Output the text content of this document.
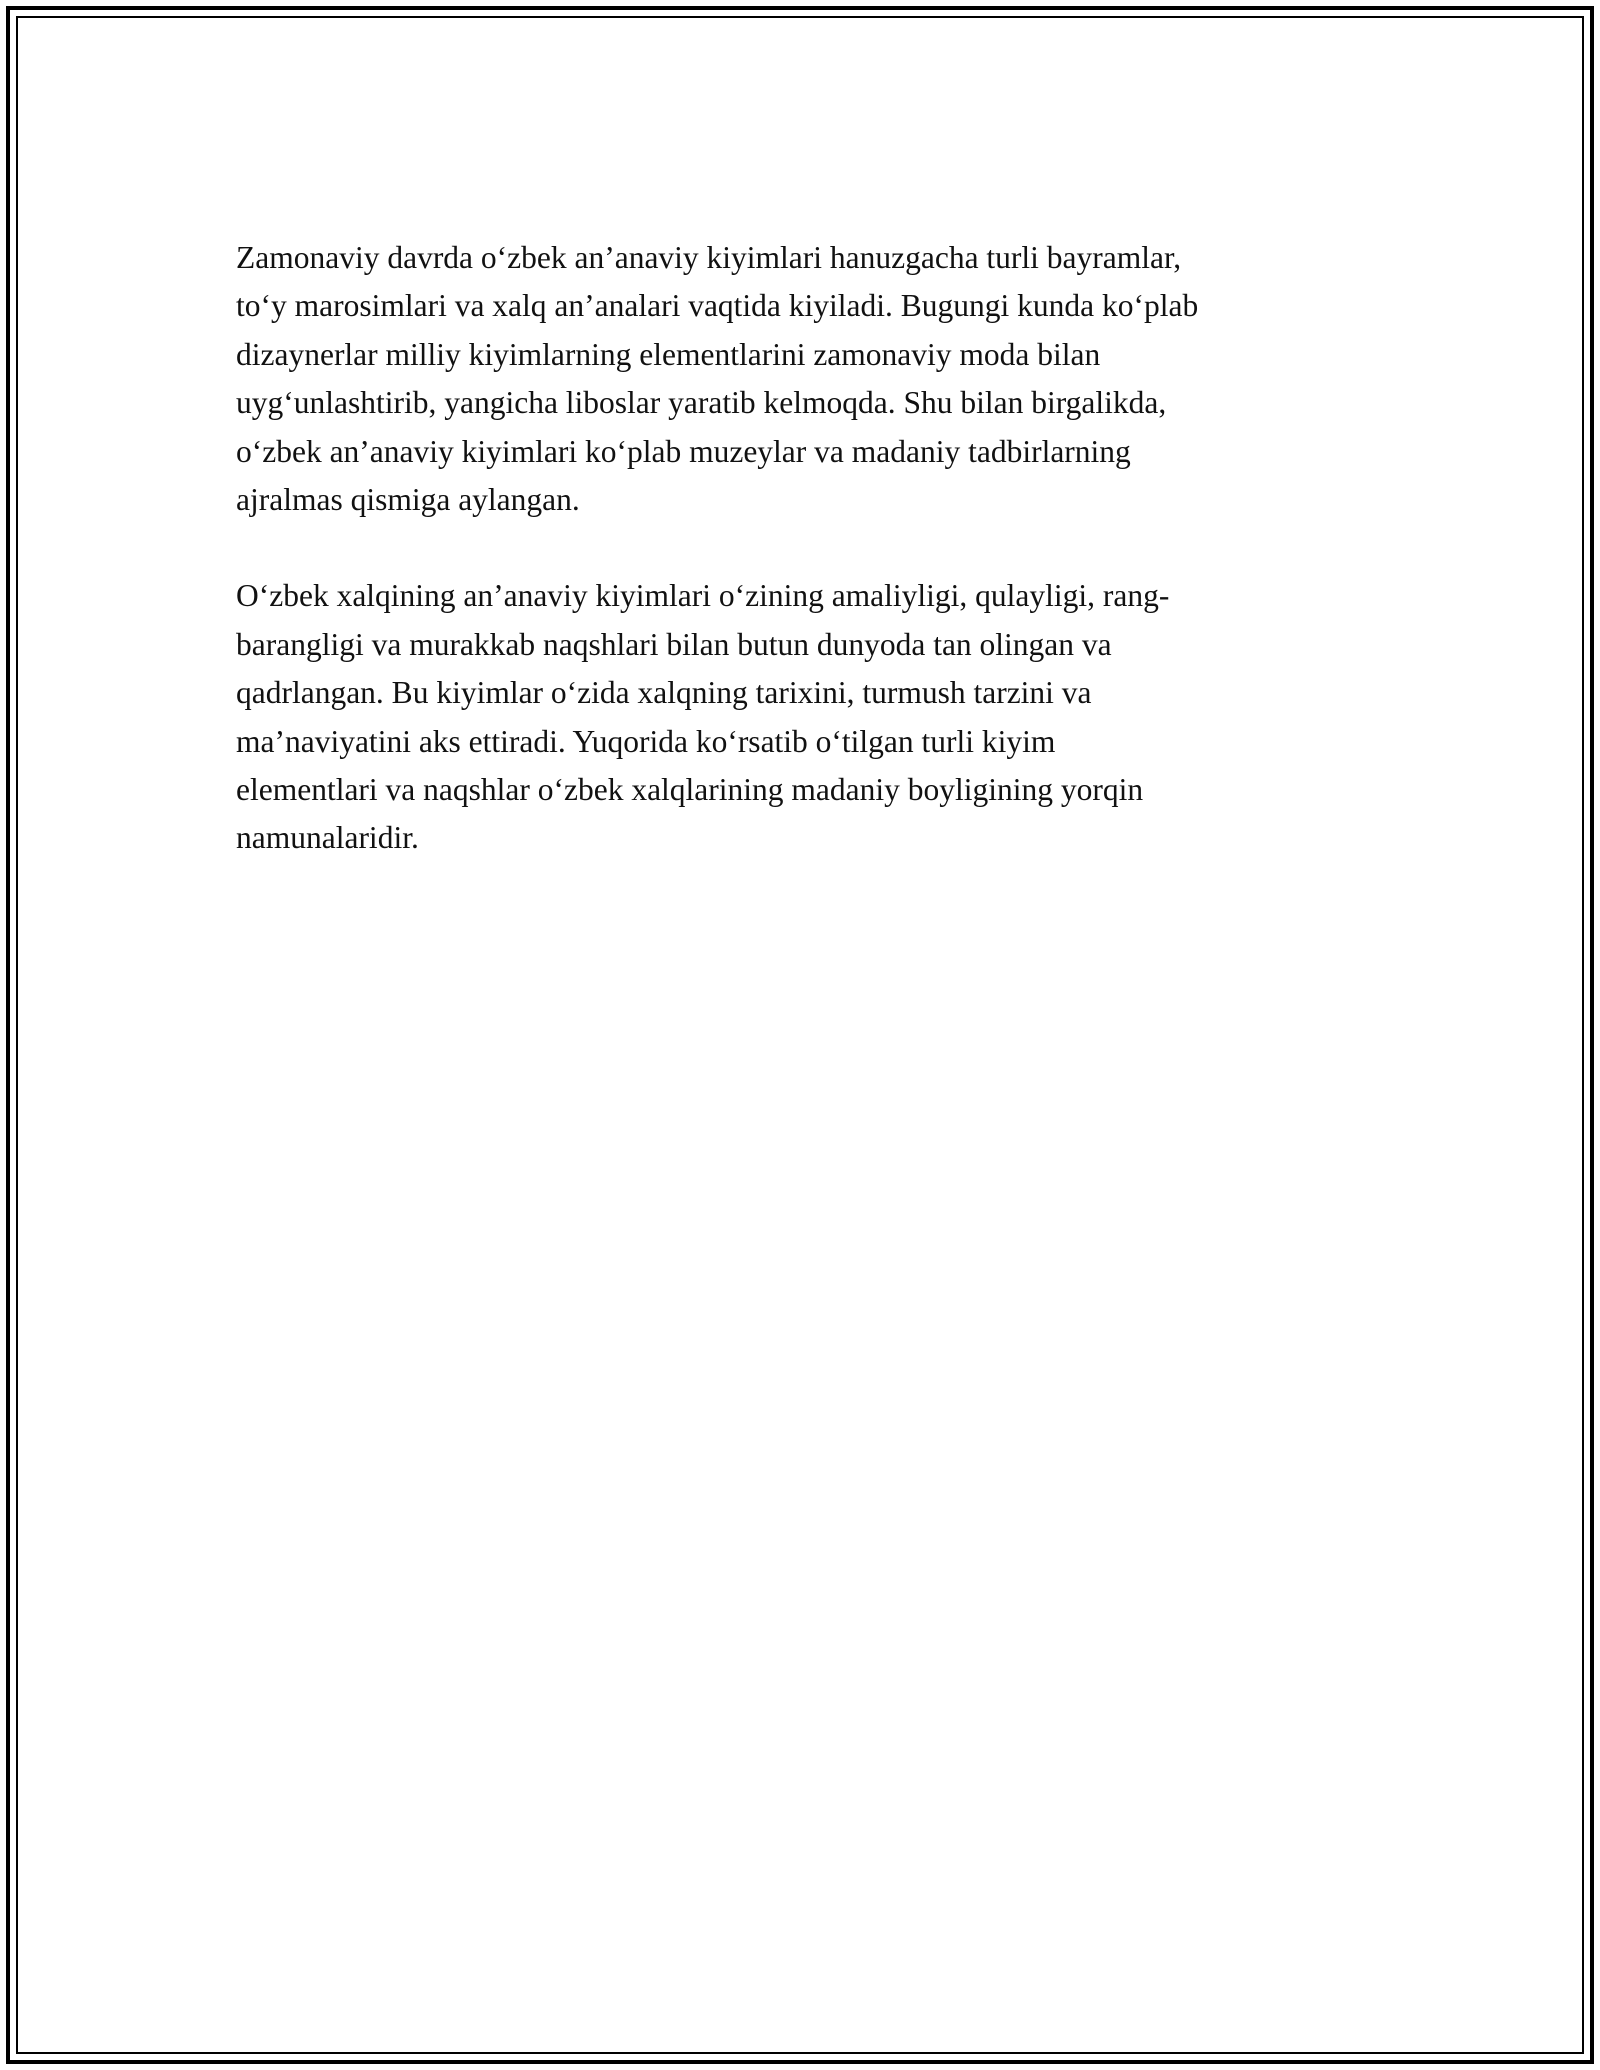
Zamonaviy davrda o‘zbek an’anaviy kiyimlari hanuzgacha turli bayramlar,
to‘y marosimlari va xalq an’analari vaqtida kiyiladi. Bugungi kunda ko‘plab
dizaynerlar milliy kiyimlarning elementlarini zamonaviy moda bilan
uyg‘unlashtirib, yangicha liboslar yaratib kelmoqda. Shu bilan birgalikda,
o‘zbek an’anaviy kiyimlari ko‘plab muzeylar va madaniy tadbirlarning
ajralmas qismiga aylangan.

O‘zbek xalqining an’anaviy kiyimlari o‘zining amaliyligi, qulayligi, rang-
barangligi va murakkab naqshlari bilan butun dunyoda tan olingan va
qadrlangan. Bu kiyimlar o‘zida xalqning tarixini, turmush tarzini va
ma’naviyatini aks ettiradi. Yuqorida ko‘rsatib o‘tilgan turli kiyim
elementlari va naqshlar o‘zbek xalqlarining madaniy boyligining yorqin
namunalaridir.
